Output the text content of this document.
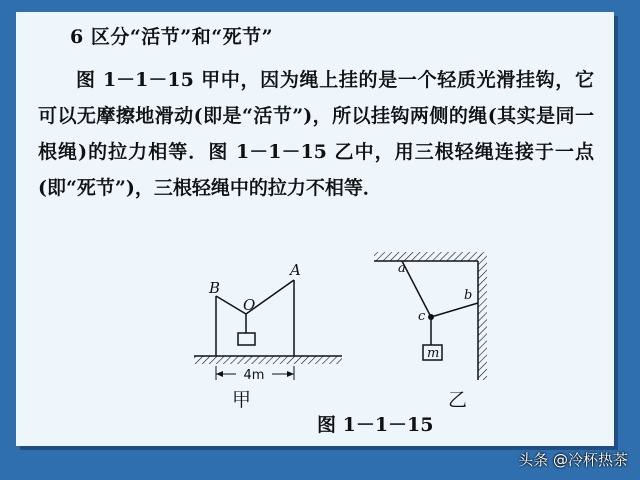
6 区分“活节”和“死节”

图 1－1－15 甲中，因为绳上挂的是一个轻质光滑挂钩，它可以无摩擦地滑动(即是“活节”)，所以挂钩两侧的绳(其实是同一根绳)的拉力相等．图 1－1－15 乙中，用三根轻绳连接于一点(即“死节”)，三根轻绳中的拉力不相等．

B
A
O
4m
甲
a
b
c
m
乙
图 1－1－15
头条 @冷杯热茶
